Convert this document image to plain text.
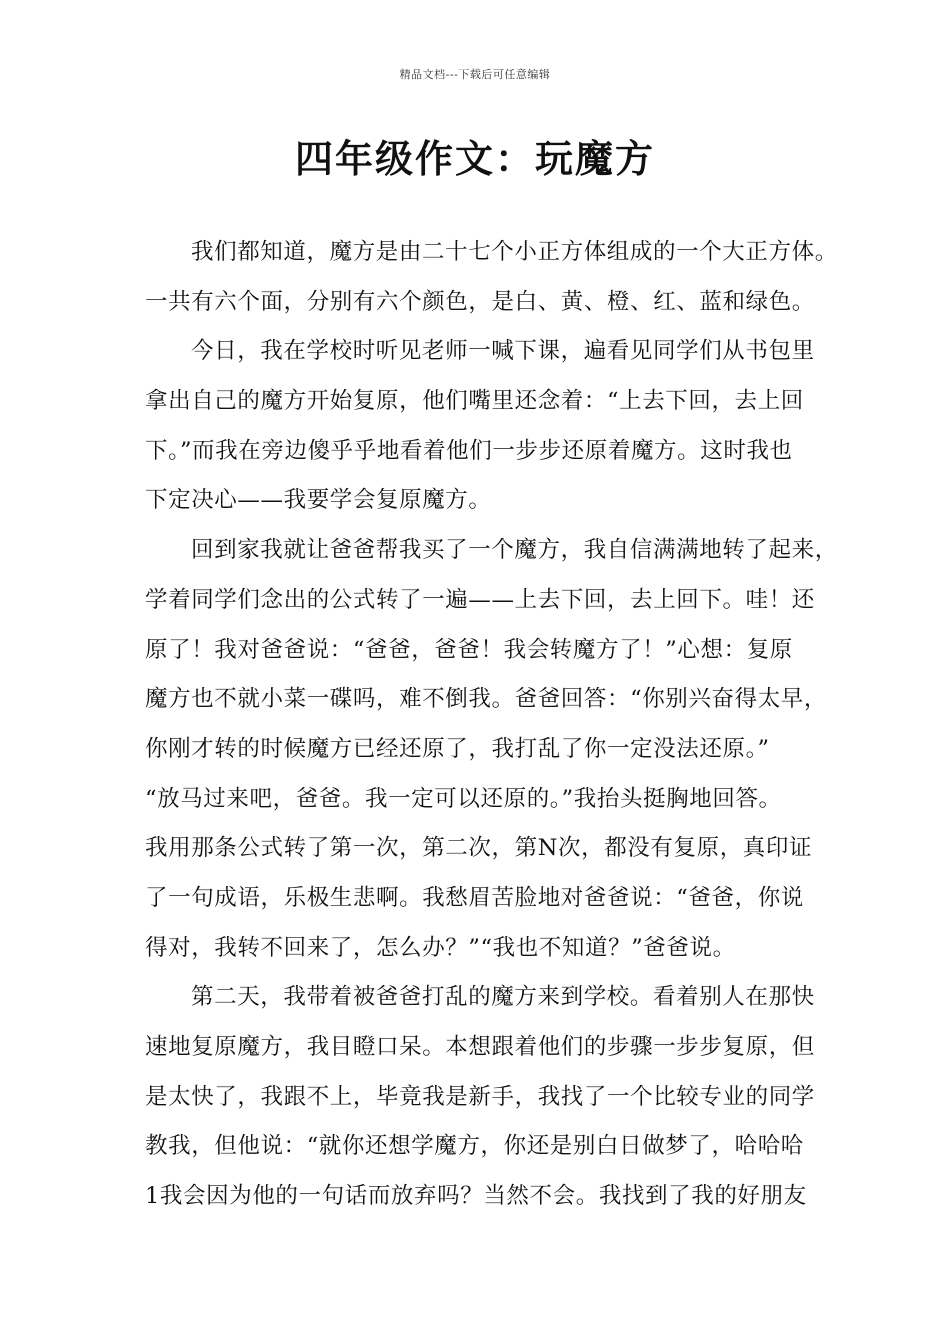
精品文档---下载后可任意编辑
四年级作文：玩魔方
我们都知道，魔方是由二十七个小正方体组成的一个大正方体。
一共有六个面，分别有六个颜色，是白、黄、橙、红、蓝和绿色。
今日，我在学校时听见老师一喊下课，遍看见同学们从书包里
拿出自己的魔方开始复原，他们嘴里还念着：“上去下回，去上回
下。”而我在旁边傻乎乎地看着他们一步步还原着魔方。这时我也
下定决心——我要学会复原魔方。
回到家我就让爸爸帮我买了一个魔方，我自信满满地转了起来，
学着同学们念出的公式转了一遍——上去下回，去上回下。哇！还
原了！我对爸爸说：“爸爸，爸爸！我会转魔方了！”心想：复原
魔方也不就小菜一碟吗，难不倒我。爸爸回答：“你别兴奋得太早，
你刚才转的时候魔方已经还原了，我打乱了你一定没法还原。”
“放马过来吧，爸爸。我一定可以还原的。”我抬头挺胸地回答。
我用那条公式转了第一次，第二次，第N次，都没有复原，真印证
了一句成语，乐极生悲啊。我愁眉苦脸地对爸爸说：“爸爸，你说
得对，我转不回来了，怎么办？”“我也不知道？”爸爸说。
第二天，我带着被爸爸打乱的魔方来到学校。看着别人在那快
速地复原魔方，我目瞪口呆。本想跟着他们的步骤一步步复原，但
是太快了，我跟不上，毕竟我是新手，我找了一个比较专业的同学
教我，但他说：“就你还想学魔方，你还是别白日做梦了，哈哈哈
1我会因为他的一句话而放弃吗？当然不会。我找到了我的好朋友
